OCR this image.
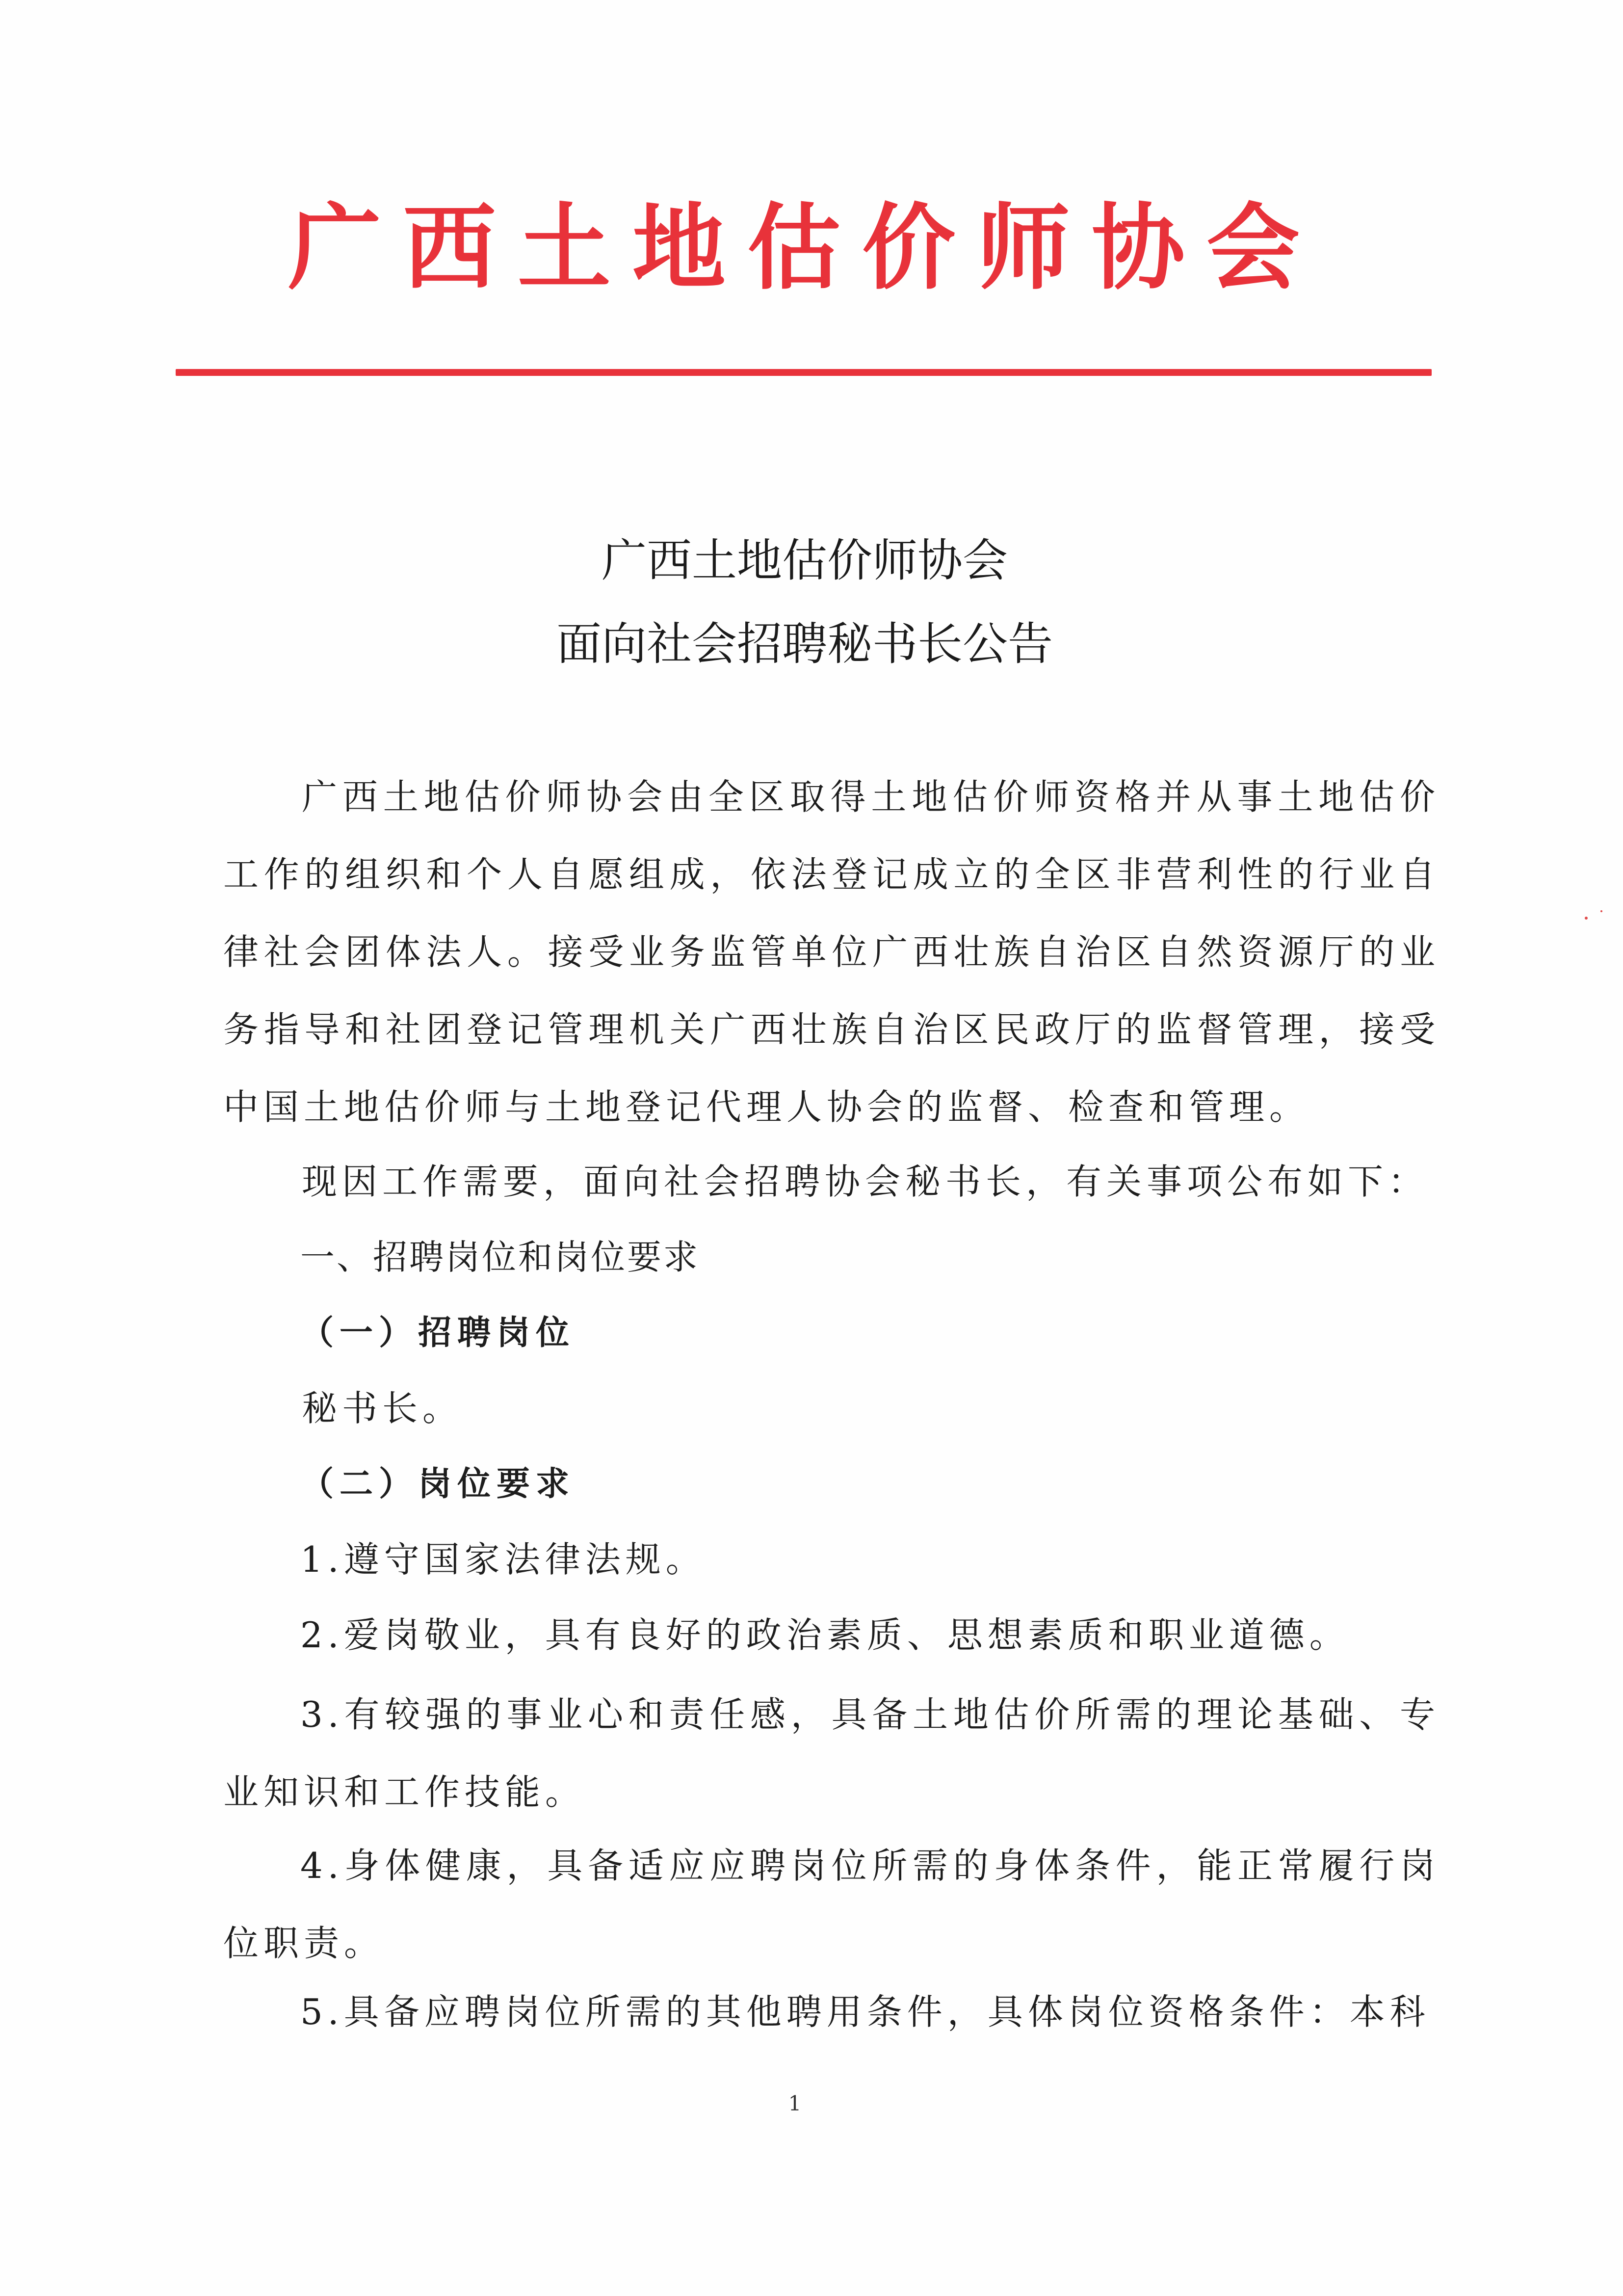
广西土地估价师协会
广西土地估价师协会
面向社会招聘秘书长公告
广西土地估价师协会由全区取得土地估价师资格并从事土地估价工作的组织和个人自愿组成，依法登记成立的全区非营利性的行业自律社会团体法人。接受业务监管单位广西壮族自治区自然资源厅的业务指导和社团登记管理机关广西壮族自治区民政厅的监督管理，接受中国土地估价师与土地登记代理人协会的监督、检查和管理。
现因工作需要，面向社会招聘协会秘书长，有关事项公布如下：
一、招聘岗位和岗位要求
（一）招聘岗位
秘书长。
（二）岗位要求
1.遵守国家法律法规。
2.爱岗敬业，具有良好的政治素质、思想素质和职业道德。
3.有较强的事业心和责任感，具备土地估价所需的理论基础、专业知识和工作技能。
4.身体健康，具备适应应聘岗位所需的身体条件，能正常履行岗位职责。
5.具备应聘岗位所需的其他聘用条件，具体岗位资格条件：本科
1
